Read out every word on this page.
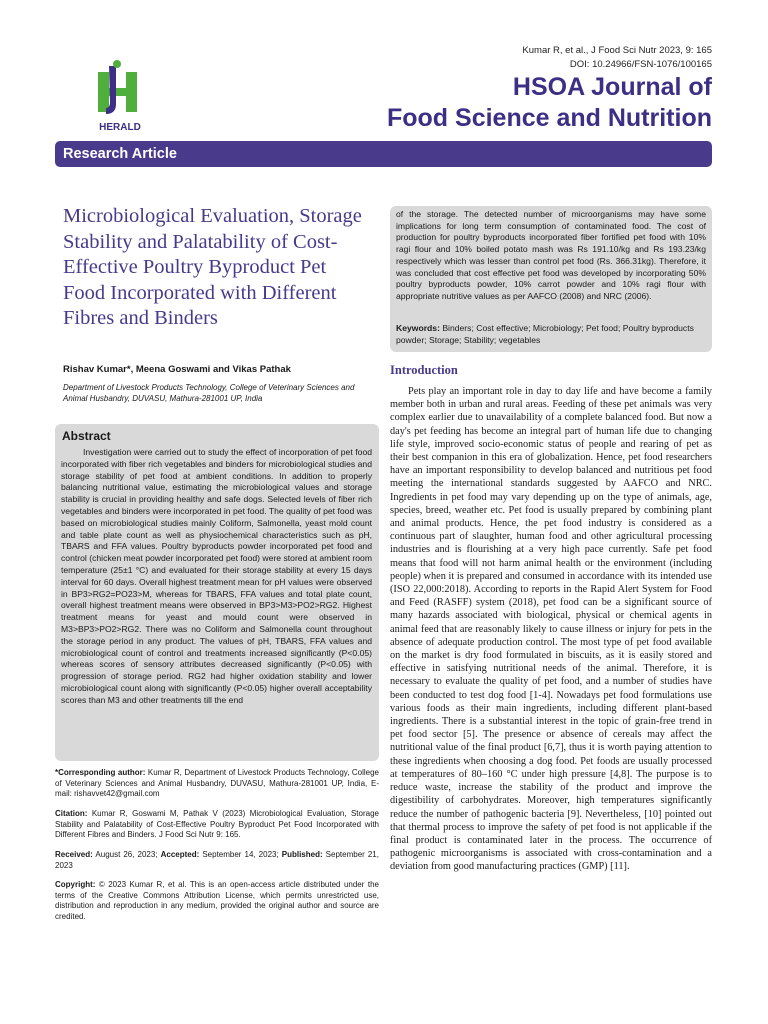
HERALD
Kumar R, et al., J Food Sci Nutr 2023, 9: 165
DOI: 10.24966/FSN-1076/100165
HSOA Journal of
Food Science and Nutrition
Research Article
Microbiological Evaluation, Storage Stability and Palatability of Cost-Effective Poultry Byproduct Pet Food Incorporated with Different Fibres and Binders
Rishav Kumar*, Meena Goswami and Vikas Pathak
Department of Livestock Products Technology, College of Veterinary Sciences and Animal Husbandry, DUVASU, Mathura-281001 UP, India
Abstract
Investigation were carried out to study the effect of incorporation of pet food incorporated with fiber rich vegetables and binders for microbiological studies and storage stability of pet food at ambient conditions. In addition to properly balancing nutritional value, estimating the microbiological values and storage stability is crucial in providing healthy and safe dogs. Selected levels of fiber rich vegetables and binders were incorporated in pet food. The quality of pet food was based on microbiological studies mainly Coliform, Salmonella, yeast mold count and table plate count as well as physiochemical characteristics such as pH, TBARS and FFA values. Poultry byproducts powder incorporated pet food and control (chicken meat powder incorporated pet food) were stored at ambient room temperature (25±1 °C) and evaluated for their storage stability at every 15 days interval for 60 days. Overall highest treatment mean for pH values were observed in BP3>RG2=PO23>M, whereas for TBARS, FFA values and total plate count, overall highest treatment means were observed in BP3>M3>PO2>RG2. Highest treatment means for yeast and mould count were observed in M3>BP3>PO2>RG2. There was no Coliform and Salmonella count throughout the storage period in any product. The values of pH, TBARS, FFA values and microbiological count of control and treatments increased significantly (P<0.05) whereas scores of sensory attributes decreased significantly (P<0.05) with progression of storage period. RG2 had higher oxidation stability and lower microbiological count along with significantly (P<0.05) higher overall acceptability scores than M3 and other treatments till the end
*Corresponding author: Kumar R, Department of Livestock Products Technology, College of Veterinary Sciences and Animal Husbandry, DUVASU, Mathura-281001 UP, India, E-mail: rishavvet42@gmail.com
Citation: Kumar R, Goswami M, Pathak V (2023) Microbiological Evaluation, Storage Stability and Palatability of Cost-Effective Poultry Byproduct Pet Food Incorporated with Different Fibres and Binders. J Food Sci Nutr 9: 165.
Received: August 26, 2023; Accepted: September 14, 2023; Published: September 21, 2023
Copyright: © 2023 Kumar R, et al. This is an open-access article distributed under the terms of the Creative Commons Attribution License, which permits unrestricted use, distribution and reproduction in any medium, provided the original author and source are credited.
of the storage. The detected number of microorganisms may have some implications for long term consumption of contaminated food. The cost of production for poultry byproducts incorporated fiber fortified pet food with 10% ragi flour and 10% boiled potato mash was Rs 191.10/kg and Rs 193.23/kg respectively which was lesser than control pet food (Rs. 366.31kg). Therefore, it was concluded that cost effective pet food was developed by incorporating 50% poultry byproducts powder, 10% carrot powder and 10% ragi flour with appropriate nutritive values as per AAFCO (2008) and NRC (2006).
Keywords: Binders; Cost effective; Microbiology; Pet food; Poultry byproducts powder; Storage; Stability; vegetables
Introduction
Pets play an important role in day to day life and have become a family member both in urban and rural areas. Feeding of these pet animals was very complex earlier due to unavailability of a complete balanced food. But now a day's pet feeding has become an integral part of human life due to changing life style, improved socio-economic status of people and rearing of pet as their best companion in this era of globalization. Hence, pet food researchers have an important responsibility to develop balanced and nutritious pet food meeting the international standards suggested by AAFCO and NRC. Ingredients in pet food may vary depending up on the type of animals, age, species, breed, weather etc. Pet food is usually prepared by combining plant and animal products. Hence, the pet food industry is considered as a continuous part of slaughter, human food and other agricultural processing industries and is flourishing at a very high pace currently. Safe pet food means that food will not harm animal health or the environment (including people) when it is prepared and consumed in accordance with its intended use (ISO 22,000:2018). According to reports in the Rapid Alert System for Food and Feed (RASFF) system (2018), pet food can be a significant source of many hazards associated with biological, physical or chemical agents in animal feed that are reasonably likely to cause illness or injury for pets in the absence of adequate production control. The most type of pet food available on the market is dry food formulated in biscuits, as it is easily stored and effective in satisfying nutritional needs of the animal. Therefore, it is necessary to evaluate the quality of pet food, and a number of studies have been conducted to test dog food [1-4]. Nowadays pet food formulations use various foods as their main ingredients, including different plant-based ingredients. There is a substantial interest in the topic of grain-free trend in pet food sector [5]. The presence or absence of cereals may affect the nutritional value of the final product [6,7], thus it is worth paying attention to these ingredients when choosing a dog food. Pet foods are usually processed at temperatures of 80–160 °C under high pressure [4,8]. The purpose is to reduce waste, increase the stability of the product and improve the digestibility of carbohydrates. Moreover, high temperatures significantly reduce the number of pathogenic bacteria [9]. Nevertheless, [10] pointed out that thermal process to improve the safety of pet food is not applicable if the final product is contaminated later in the process. The occurrence of pathogenic microorganisms is associated with cross-contamination and a deviation from good manufacturing practices (GMP) [11].
